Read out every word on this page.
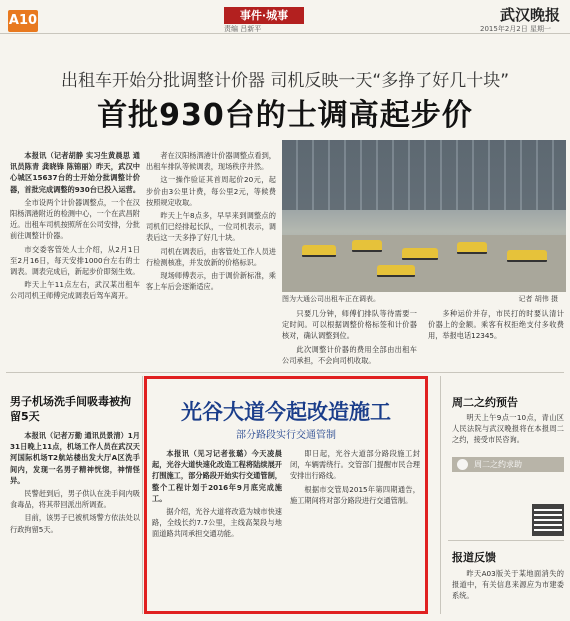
A10	事件·城事
责编 吕新平
武汉晚报
2015年2月2日 星期一
出租车开始分批调整计价器 司机反映一天“多挣了好几十块”
首批930台的士调高起步价

本报讯（记者胡静 实习生黄晨思 通讯员陈青 龚晓锋 陈锦丽）昨天，武汉中心城区15637台的士开始分批调整计价器，首批完成调整的930台已投入运营。

全市设两个计价器调整点，一个在汉阳杨泗港附近的检测中心，一个在武昌附近。出租车司机按照所在公司安排，分批前往调整计价器。

市交委客管处人士介绍，从2月1日至2月16日，每天安排1000台左右的士调表。调表完成后，新起步价即刻生效。

昨天上午11点左右，武汉某出租车公司司机王师傅完成调表后驾车离开。

者在汉阳杨泗港计价器调整点看到，出租车排队等候调表，现场秩序井然。

这一操作验证其首周起价20元，起步价由3公里计费，每公里2元，等候费按照规定收取。

昨天上午8点多，早早来到调整点的司机们已经排起长队，一位司机表示，调表后这一天多挣了好几十块。

司机在调表后，由客管处工作人员进行检测核准，并发放新的价格标识。

现场师傅表示，由于调价新标准，乘客上车后会逐渐适应。

图为大通公司出租车正在调表。	记者 胡伟 摄

只要几分钟，师傅们排队等待需要一定时间。可以根据调整价格标签和计价器核对，确认调整到位。

此次调整计价器的费用全部由出租车公司承担，不会向司机收取。

多种运价并存，市民打的时要认清计价器上的金额。乘客有权拒绝支付多收费用，举报电话12345。

男子机场洗手间吸毒被拘留5天

本报讯（记者万勤 通讯员景清）1月31日晚上11点，机场工作人员在武汉天河国际机场T2航站楼出发大厅A区洗手间内，发现一名男子精神恍惚，神情怪异。

民警赶到后，男子供认在洗手间内吸食毒品，将其带回派出所调查。

目前，该男子已被机场警方依法处以行政拘留5天。

光谷大道今起改造施工
部分路段实行交通管制

本报讯（见习记者张璐）今天凌晨起，光谷大道快速化改造工程将陆续展开打围施工，部分路段开始实行交通管制，整个工程计划于2016年9月底完成施工。

据介绍，光谷大道将改造为城市快速路，全线长约7.7公里，主线高架段与地面道路共同承担交通功能。

即日起，光谷大道部分路段施工封闭，车辆需绕行。交管部门提醒市民合理安排出行路线。

根据市交管局2015年第四期通告，施工期间将对部分路段进行交通管制。

周二之约预告

明天上午9点一10点，青山区人民法院与武汉晚报将在本报周二之约，接受市民咨询。

周二之约求助
报道反馈

昨天A03版关于某地面消失的报道中，有关信息来源应为市建委系统。
